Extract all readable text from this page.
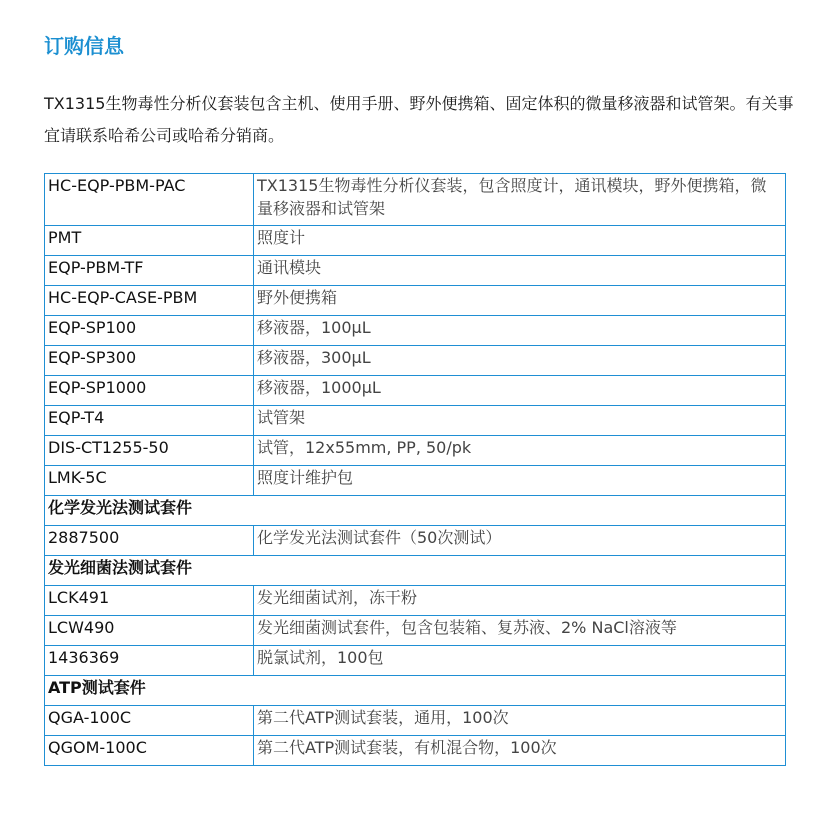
订购信息

TX1315生物毒性分析仪套装包含主机、使用手册、野外便携箱、固定体积的微量移液器和试管架。有关事宜请联系哈希公司或哈希分销商。

HC-EQP-PBM-PAC	TX1315生物毒性分析仪套装，包含照度计，通讯模块，野外便携箱，微量移液器和试管架
PMT	照度计
EQP-PBM-TF	通讯模块
HC-EQP-CASE-PBM	野外便携箱
EQP-SP100	移液器，100μL
EQP-SP300	移液器，300μL
EQP-SP1000	移液器，1000μL
EQP-T4	试管架
DIS-CT1255-50	试管，12x55mm, PP, 50/pk
LMK-5C	照度计维护包
化学发光法测试套件	
2887500	化学发光法测试套件（50次测试）
发光细菌法测试套件	
LCK491	发光细菌试剂，冻干粉
LCW490	发光细菌测试套件，包含包装箱、复苏液、2% NaCl溶液等
1436369	脱氯试剂，100包
ATP测试套件	
QGA-100C	第二代ATP测试套装，通用，100次
QGOM-100C	第二代ATP测试套装，有机混合物，100次
